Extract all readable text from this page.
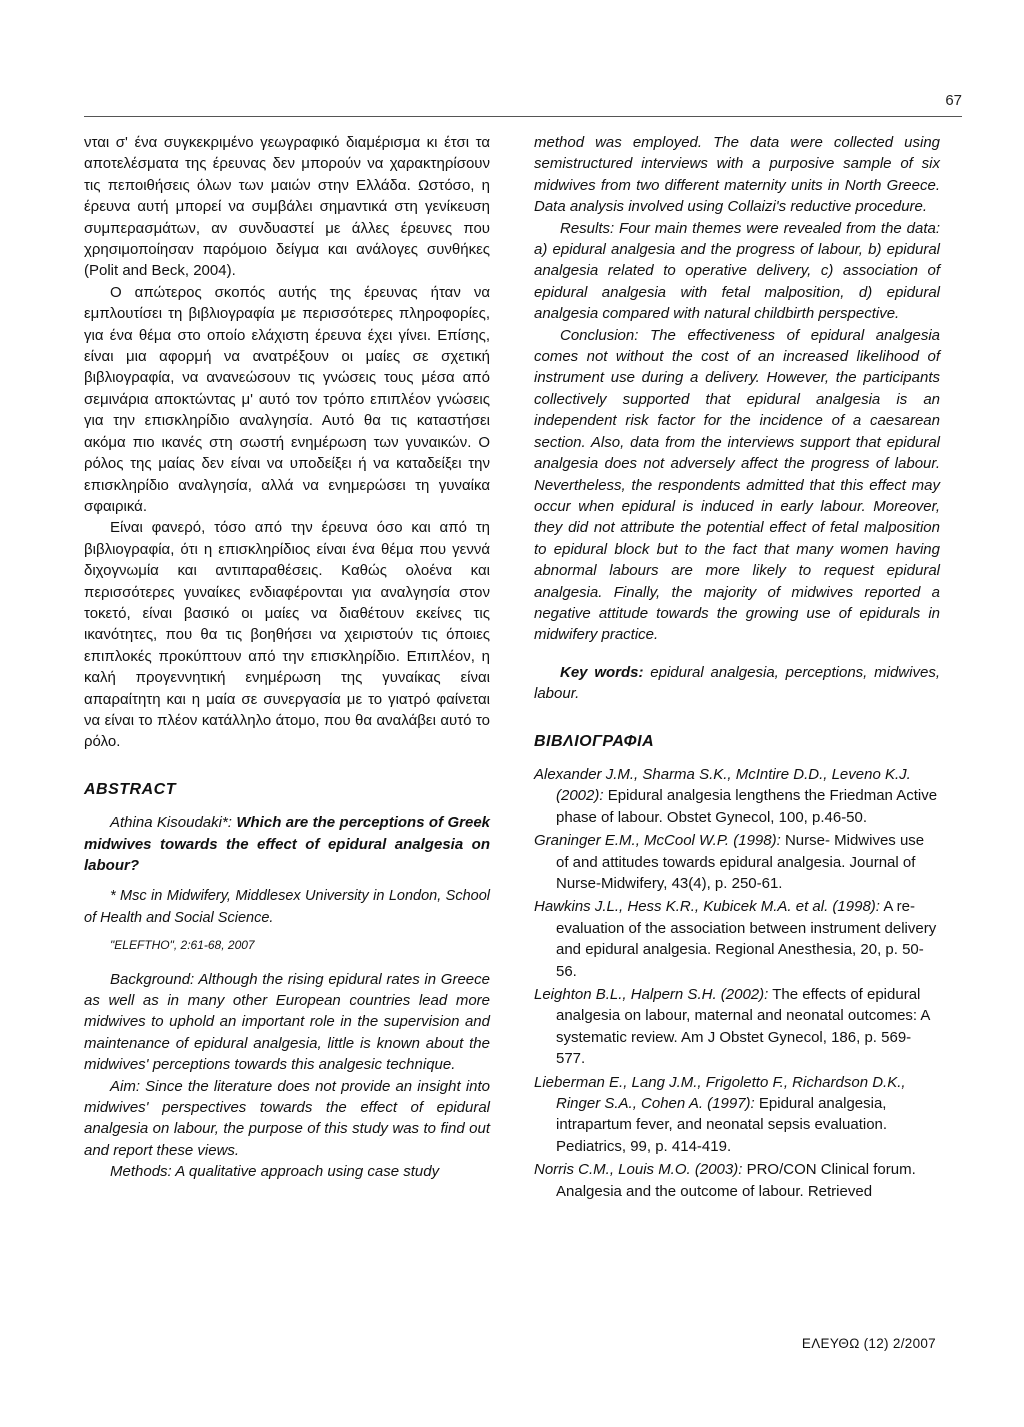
67

νται σ' ένα συγκεκριμένο γεωγραφικό διαμέρισμα κι έτσι τα αποτελέσματα της έρευνας δεν μπορούν να χαρακτηρίσουν τις πεποιθήσεις όλων των μαιών στην Ελλάδα. Ωστόσο, η έρευνα αυτή μπορεί να συμβάλει σημαντικά στη γενίκευση συμπερασμάτων, αν συνδυαστεί με άλλες έρευνες που χρησιμοποίησαν παρόμοιο δείγμα και ανάλογες συνθήκες (Polit and Beck, 2004).

Ο απώτερος σκοπός αυτής της έρευνας ήταν να εμπλουτίσει τη βιβλιογραφία με περισσότερες πληροφορίες, για ένα θέμα στο οποίο ελάχιστη έρευνα έχει γίνει. Επίσης, είναι μια αφορμή να ανατρέξουν οι μαίες σε σχετική βιβλιογραφία, να ανανεώσουν τις γνώσεις τους μέσα από σεμινάρια αποκτώντας μ' αυτό τον τρόπο επιπλέον γνώσεις για την επισκληρίδιο αναλγησία. Αυτό θα τις καταστήσει ακόμα πιο ικανές στη σωστή ενημέρωση των γυναικών. Ο ρόλος της μαίας δεν είναι να υποδείξει ή να καταδείξει την επισκληρίδιο αναλγησία, αλλά να ενημερώσει τη γυναίκα σφαιρικά.

Είναι φανερό, τόσο από την έρευνα όσο και από τη βιβλιογραφία, ότι η επισκληρίδιος είναι ένα θέμα που γεννά διχογνωμία και αντιπαραθέσεις. Καθώς ολοένα και περισσότερες γυναίκες ενδιαφέρονται για αναλγησία στον τοκετό, είναι βασικό οι μαίες να διαθέτουν εκείνες τις ικανότητες, που θα τις βοηθήσει να χειριστούν τις όποιες επιπλοκές προκύπτουν από την επισκληρίδιο. Επιπλέον, η καλή προγεννητική ενημέρωση της γυναίκας είναι απαραίτητη και η μαία σε συνεργασία με το γιατρό φαίνεται να είναι το πλέον κατάλληλο άτομο, που θα αναλάβει αυτό το ρόλο.

ABSTRACT

Athina Kisoudaki*: Which are the perceptions of Greek midwives towards the effect of epidural analgesia on labour?

* Msc in Midwifery, Middlesex University in London, School of Health and Social Science.

"ELEFTHO", 2:61-68, 2007

Background: Although the rising epidural rates in Greece as well as in many other European countries lead more midwives to uphold an important role in the supervision and maintenance of epidural analgesia, little is known about the midwives' perceptions towards this analgesic technique.

Aim: Since the literature does not provide an insight into midwives' perspectives towards the effect of epidural analgesia on labour, the purpose of this study was to find out and report these views.

Methods: A qualitative approach using case study

method was employed. The data were collected using semistructured interviews with a purposive sample of six midwives from two different maternity units in North Greece. Data analysis involved using Collaizi's reductive procedure.

Results: Four main themes were revealed from the data: a) epidural analgesia and the progress of labour, b) epidural analgesia related to operative delivery, c) association of epidural analgesia with fetal malposition, d) epidural analgesia compared with natural childbirth perspective.

Conclusion: The effectiveness of epidural analgesia comes not without the cost of an increased likelihood of instrument use during a delivery. However, the participants collectively supported that epidural analgesia is an independent risk factor for the incidence of a caesarean section. Also, data from the interviews support that epidural analgesia does not adversely affect the progress of labour. Nevertheless, the respondents admitted that this effect may occur when epidural is induced in early labour. Moreover, they did not attribute the potential effect of fetal malposition to epidural block but to the fact that many women having abnormal labours are more likely to request epidural analgesia. Finally, the majority of midwives reported a negative attitude towards the growing use of epidurals in midwifery practice.

Key words: epidural analgesia, perceptions, midwives, labour.

ΒΙΒΛΙΟΓΡΑΦΙΑ

Alexander J.M., Sharma S.K., McIntire D.D., Leveno K.J. (2002): Epidural analgesia lengthens the Friedman Active phase of labour. Obstet Gynecol, 100, p.46-50.

Graninger E.M., McCool W.P. (1998): Nurse- Midwives use of and attitudes towards epidural analgesia. Journal of Nurse-Midwifery, 43(4), p. 250-61.

Hawkins J.L., Hess K.R., Kubicek M.A. et al. (1998): A re-evaluation of the association between instrument delivery and epidural analgesia. Regional Anesthesia, 20, p. 50-56.

Leighton B.L., Halpern S.H. (2002): The effects of epidural analgesia on labour, maternal and neonatal outcomes: A systematic review. Am J Obstet Gynecol, 186, p. 569-577.

Lieberman E., Lang J.M., Frigoletto F., Richardson D.K., Ringer S.A., Cohen A. (1997): Epidural analgesia, intrapartum fever, and neonatal sepsis evaluation. Pediatrics, 99, p. 414-419.

Norris C.M., Louis M.O. (2003): PRO/CON Clinical forum. Analgesia and the outcome of labour. Retrieved

ΕΛΕΥΘΩ (12) 2/2007
